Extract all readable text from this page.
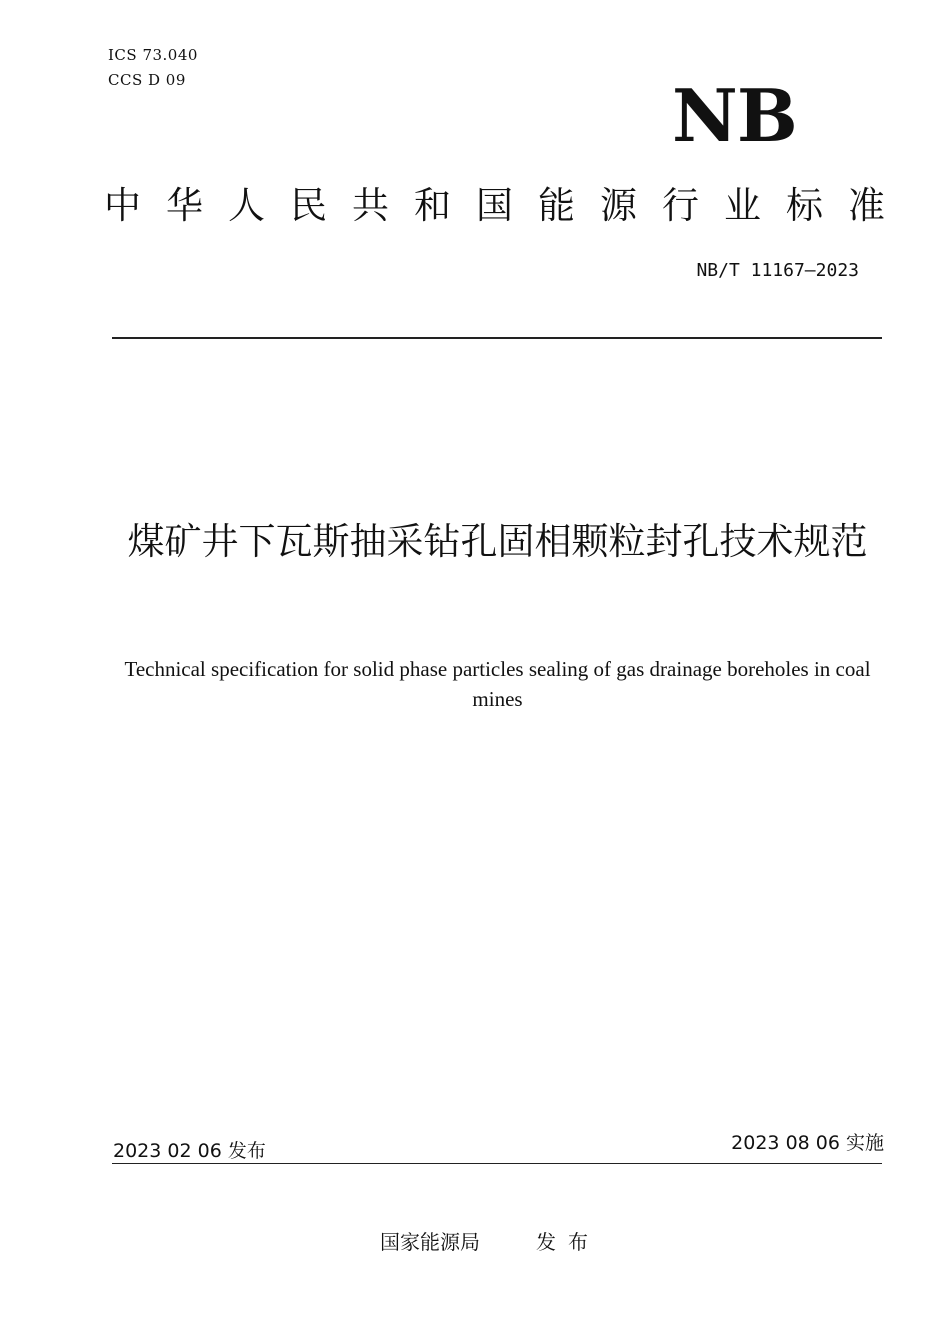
ICS 73.040
CCS D 09	NB
中华人民共和国能源行业标准
NB/T 11167—2023
煤矿井下瓦斯抽采钻孔固相颗粒封孔技术规范
Technical specification for solid phase particles sealing of gas drainage boreholes in coal mines
2023 02 06 发布	2023 08 06 实施
国家能源局	发布
